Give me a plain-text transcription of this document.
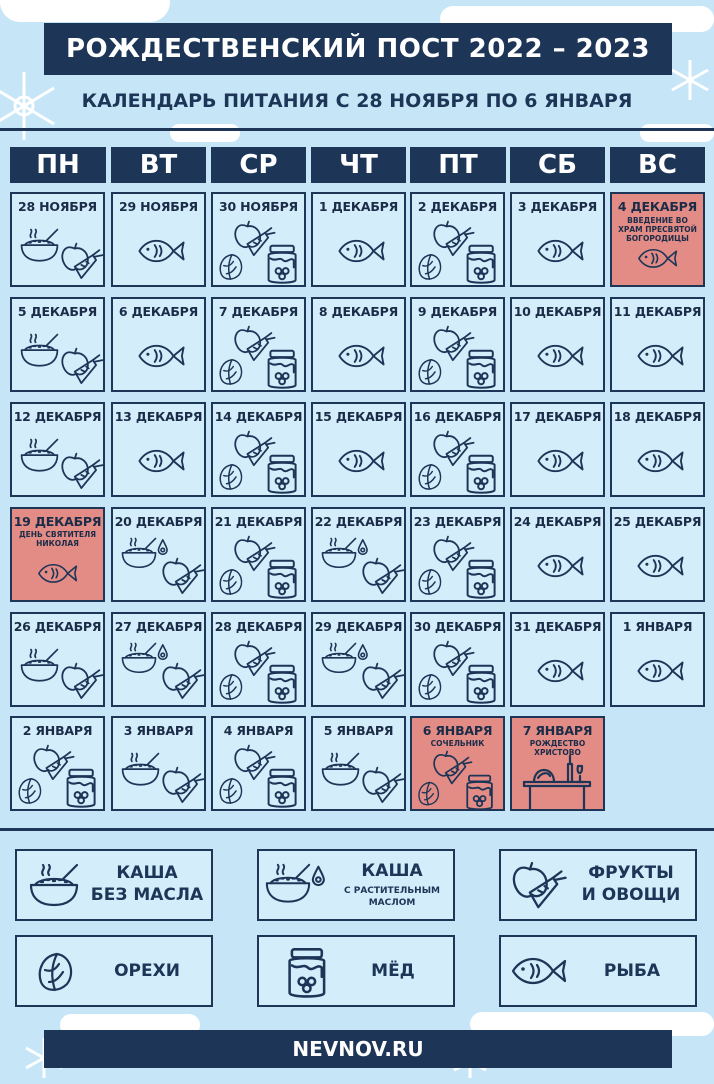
РОЖДЕСТВЕНСКИЙ ПОСТ 2022 – 2023
КАЛЕНДАРЬ ПИТАНИЯ С 28 НОЯБРЯ ПО 6 ЯНВАРЯ
ПН	ВТ	СР	ЧТ	ПТ	СБ	ВС
28 НОЯБРЯ	29 НОЯБРЯ	30 НОЯБРЯ	1 ДЕКАБРЯ	2 ДЕКАБРЯ	3 ДЕКАБРЯ	4 ДЕКАБРЯ
ВВЕДЕНИЕ ВО ХРАМ ПРЕСВЯТОЙ БОГОРОДИЦЫ
5 ДЕКАБРЯ	6 ДЕКАБРЯ	7 ДЕКАБРЯ	8 ДЕКАБРЯ	9 ДЕКАБРЯ	10 ДЕКАБРЯ 11 ДЕКАБРЯ
12 ДЕКАБРЯ 13 ДЕКАБРЯ 14 ДЕКАБРЯ 15 ДЕКАБРЯ 16 ДЕКАБРЯ 17 ДЕКАБРЯ 18 ДЕКАБРЯ
19 ДЕКАБРЯ
ДЕНЬ СВЯТИТЕЛЯ НИКОЛАЯ
20 ДЕКАБРЯ 21 ДЕКАБРЯ 22 ДЕКАБРЯ 23 ДЕКАБРЯ 24 ДЕКАБРЯ 25 ДЕКАБРЯ
26 ДЕКАБРЯ 27 ДЕКАБРЯ 28 ДЕКАБРЯ 29 ДЕКАБРЯ 30 ДЕКАБРЯ 31 ДЕКАБРЯ	1 ЯНВАРЯ
2 ЯНВАРЯ	3 ЯНВАРЯ	4 ЯНВАРЯ	5 ЯНВАРЯ	6 ЯНВАРЯ
СОЧЕЛЬНИК
7 ЯНВАРЯ
РОЖДЕСТВО ХРИСТОВО
КАША
БЕЗ МАСЛА
КАША
С РАСТИТЕЛЬНЫМ
МАСЛОМ
ФРУКТЫ
И ОВОЩИ
ОРЕХИ	МЁД	РЫБА
NEVNOV.RU
